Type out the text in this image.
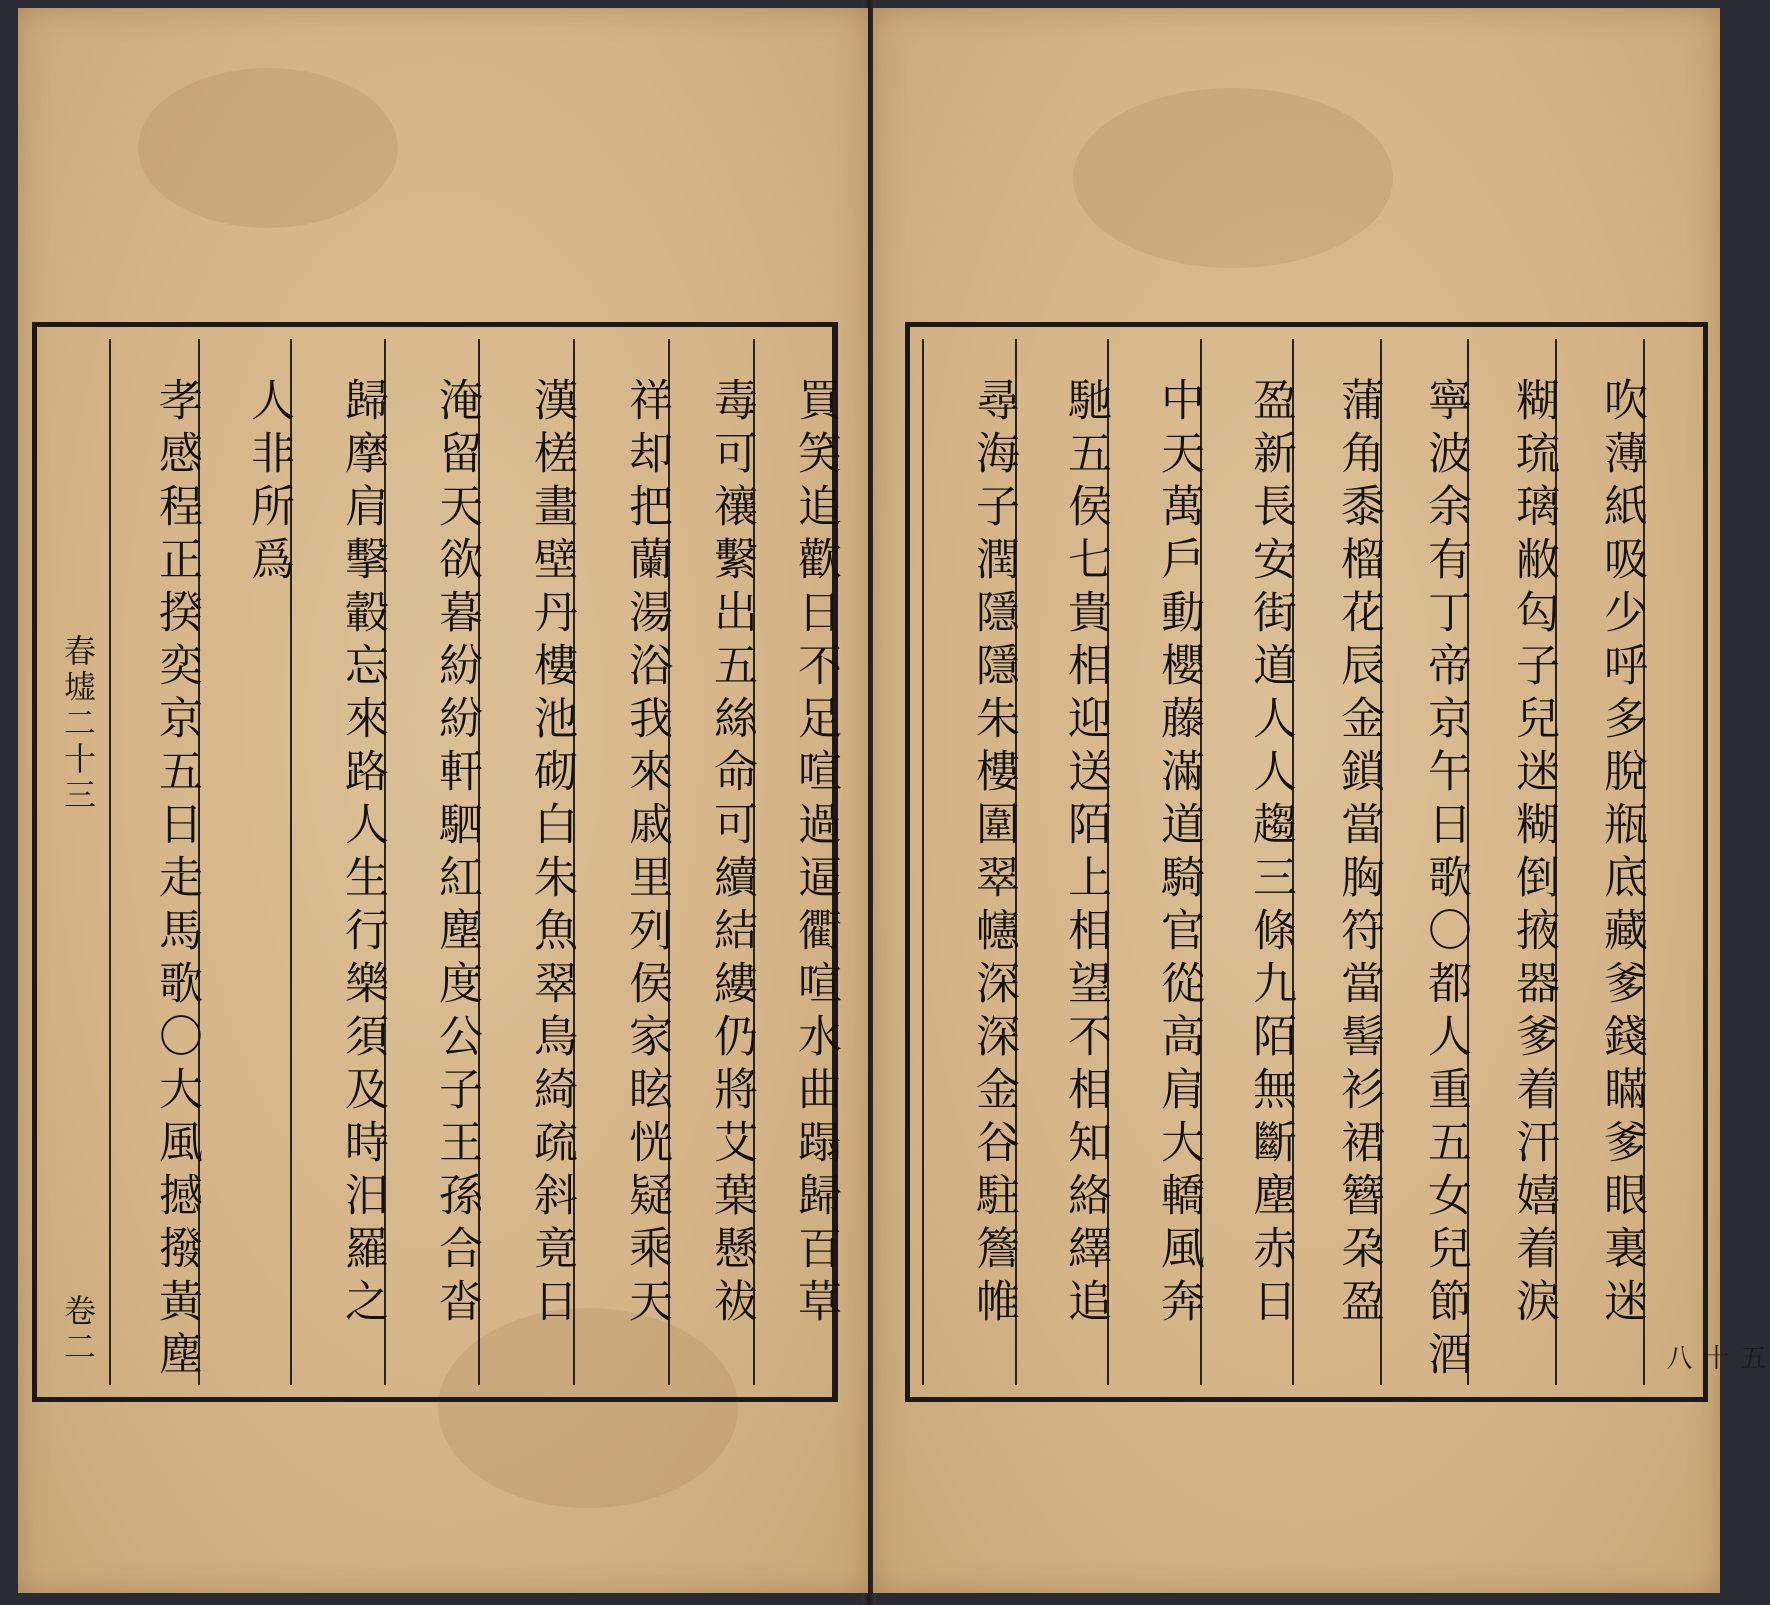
買笑追歡日不足喧過逼衢喧水曲蹋歸百草
毒可禳繫出五絲命可續結縷仍將艾葉懸祓
祥却把蘭湯浴我來戚里列侯家眩恍疑乘天
漢槎畫壁丹樓池砌白朱魚翠鳥綺疏斜竟日
淹留天欲暮紛紛軒駟紅塵度公子王孫合沓
歸摩肩擊轂忘來路人生行樂須及時汨羅之
人非所爲
孝感程正揆奕京五日走馬歌〇大風撼撥黃塵
春墟二十三
卷二	五十八
吹薄紙吸少呼多脫瓶底藏爹錢瞞爹眼裏迷
糊琉璃敝匃子兒迷糊倒掖器爹着汗嬉着淚
寧波余有丁帝京午日歌〇都人重五女兒節酒
蒲角黍榴花辰金鎖當胸符當髻衫裙簪朶盈
盈新長安街道人人趨三條九陌無斷塵赤日
中天萬戶動櫻藤滿道騎官從高肩大轎風奔
馳五侯七貴相迎送陌上相望不相知絡繹追
尋海子潤隱隱朱樓圍翠幰深深金谷駐簷帷
